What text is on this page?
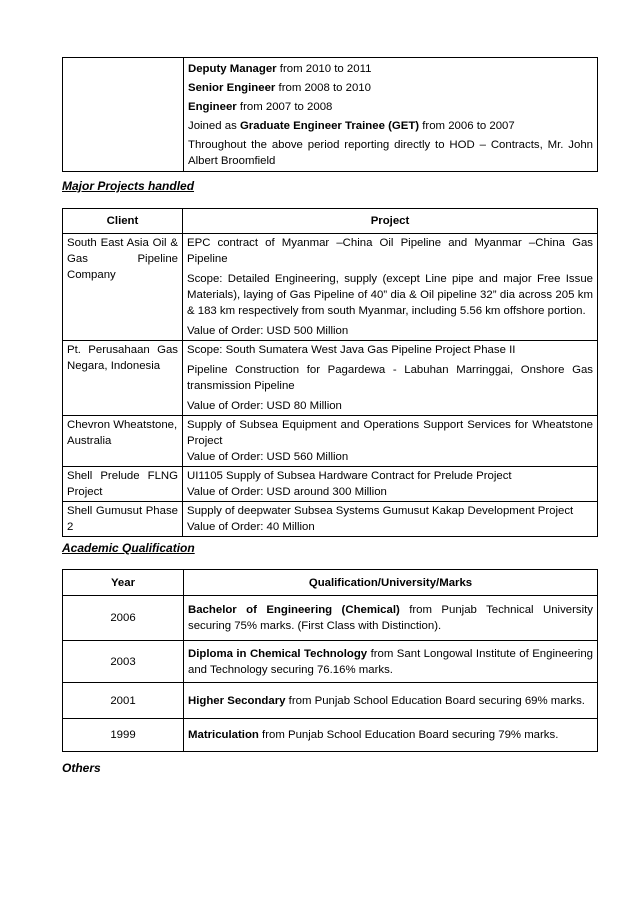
Deputy Manager from 2010 to 2011

Senior Engineer from 2008 to 2010

Engineer from 2007 to 2008

Joined as Graduate Engineer Trainee (GET) from 2006 to 2007

Throughout the above period reporting directly to HOD – Contracts, Mr. John Albert Broomfield

Major Projects handled
Client	Project
South East Asia Oil & Gas Pipeline Company	EPC contract of Myanmar –China Oil Pipeline and Myanmar –China Gas Pipeline

Scope: Detailed Engineering, supply (except Line pipe and major Free Issue Materials), laying of Gas Pipeline of 40” dia & Oil pipeline 32” dia across 205 km & 183 km respectively from south Myanmar, including 5.56 km offshore portion.

Value of Order: USD 500 Million

Pt. Perusahaan Gas Negara, Indonesia	Scope: South Sumatera West Java Gas Pipeline Project Phase II

Pipeline Construction for Pagardewa - Labuhan Marringgai, Onshore Gas transmission Pipeline

Value of Order: USD 80 Million

Chevron Wheatstone, Australia	Supply of Subsea Equipment and Operations Support Services for Wheatstone Project

Value of Order: USD 560 Million

Shell Prelude FLNG Project	UI1105 Supply of Subsea Hardware Contract for Prelude Project

Value of Order: USD around 300 Million

Shell Gumusut Phase 2	Supply of deepwater Subsea Systems Gumusut Kakap Development Project

Value of Order: 40 Million

Academic Qualification
Year	Qualification/University/Marks
2006	Bachelor of Engineering (Chemical) from Punjab Technical University securing 75% marks. (First Class with Distinction).
2003	Diploma in Chemical Technology from Sant Longowal Institute of Engineering and Technology securing 76.16% marks.
2001	Higher Secondary from Punjab School Education Board securing 69% marks.
1999	Matriculation from Punjab School Education Board securing 79% marks.
Others
